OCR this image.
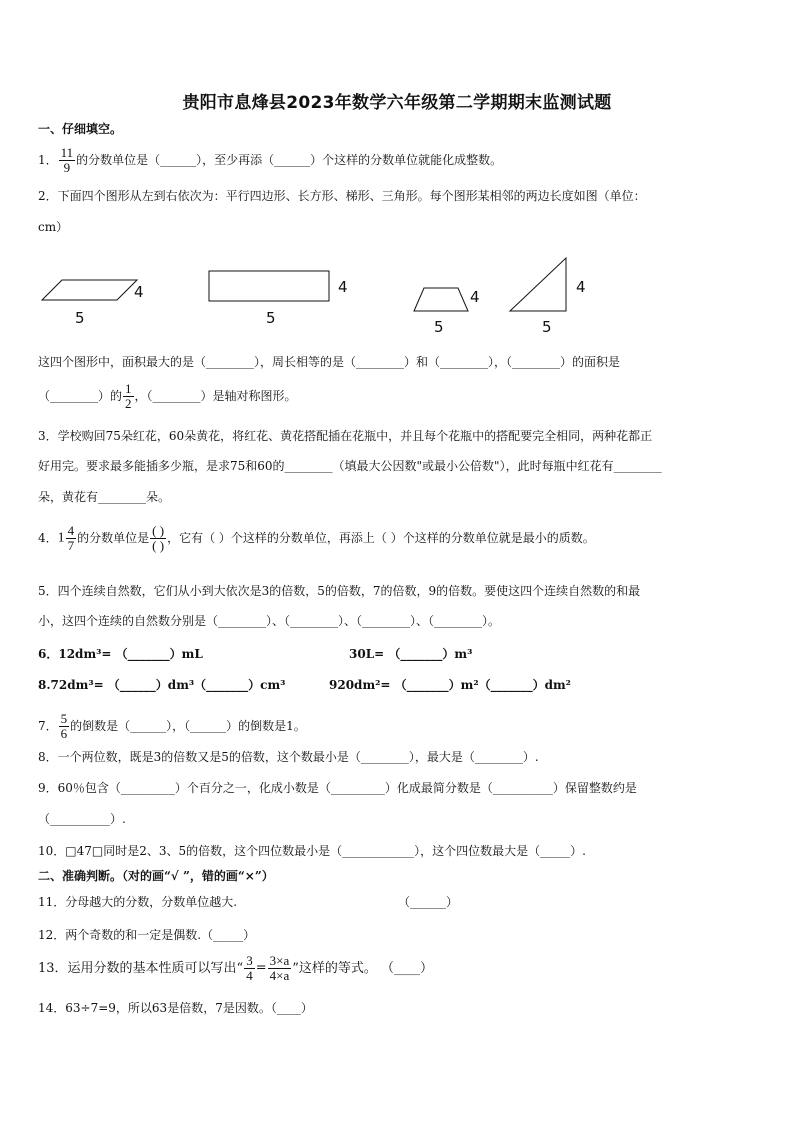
贵阳市息烽县2023年数学六年级第二学期期末监测试题
一、仔细填空。
1． $\frac{11}{9}$ 的分数单位是（______），至少再添（______）个这样的分数单位就能化成整数。
2．下面四个图形从左到右依次为：平行四边形、长方形、梯形、三角形。每个图形某相邻的两边长度如图（单位：
cm）
4
5
4
5
4
5
4
5
这四个图形中，面积最大的是（________），周长相等的是（________）和（________），（________）的面积是
（________）的 $\frac{1}{2}$ ，（________）是轴对称图形。
3．学校购回75朵红花，60朵黄花，将红花、黄花搭配插在花瓶中，并且每个花瓶中的搭配要完全相同，两种花都正
好用完。要求最多能插多少瓶，是求75和60的________（填最大公因数"或最小公倍数"），此时每瓶中红花有________
朵，黄花有________朵。
4．$1 \frac{4}{7}$ 的分数单位是 $\frac{( )}{( )}$ ，它有（ ）个这样的分数单位，再添上（ ）个这样的分数单位就是最小的质数。
5．四个连续自然数，它们从小到大依次是3的倍数，5的倍数，7的倍数，9的倍数。要使这四个连续自然数的和最
小，这四个连续的自然数分别是（________）、（________）、（________）、（________）。
6．12dm³= （_______）mL	30L= （_______）m³
8.72dm³= （______）dm³（_______）cm³	920dm²= （_______）m²（_______）dm²
7． $\frac{5}{6}$ 的倒数是（______），（______）的倒数是1。
8．一个两位数，既是3的倍数又是5的倍数，这个数最小是（________），最大是（________）.
9．60％包含（_________）个百分之一，化成小数是（_________）化成最简分数是（__________）保留整数约是
（__________）.
10．□47□同时是2、3、5的倍数，这个四位数最小是（____________），这个四位数最大是（_____）.
二、准确判断。（对的画“√ ”，错的画“×”）
11．分母越大的分数，分数单位越大.	（______）
12．两个奇数的和一定是偶数.（_____）
13．运用分数的基本性质可以写出“ $\frac{3}{4} = \frac{3\times a}{4\times a}$ ”这样的等式。 （____）
14．63÷7=9，所以63是倍数，7是因数。（____）
